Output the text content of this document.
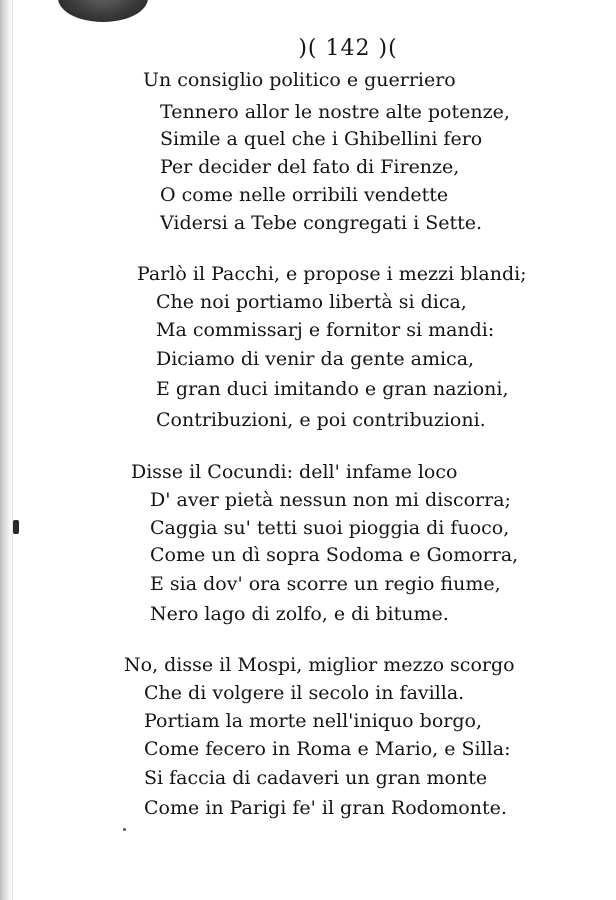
)( 142 )(
Un consiglio politico e guerriero
Tennero allor le nostre alte potenze,
Simile a quel che i Ghibellini fero
Per decider del fato di Firenze,
O come nelle orribili vendette
Vidersi a Tebe congregati i Sette.
Parlò il Pacchi, e propose i mezzi blandi;
Che noi portiamo libertà si dica,
Ma commissarj e fornitor si mandi:
Diciamo di venir da gente amica,
E gran duci imitando e gran nazioni,
Contribuzioni, e poi contribuzioni.
Disse il Cocundi: dell' infame loco
D' aver pietà nessun non mi discorra;
Caggia su' tetti suoi pioggia di fuoco,
Come un dì sopra Sodoma e Gomorra,
E sia dov' ora scorre un regio fiume,
Nero lago di zolfo, e di bitume.
No, disse il Mospi, miglior mezzo scorgo
Che di volgere il secolo in favilla.
Portiam la morte nell'iniquo borgo,
Come fecero in Roma e Mario, e Silla:
Si faccia di cadaveri un gran monte
Come in Parigi fe' il gran Rodomonte.
